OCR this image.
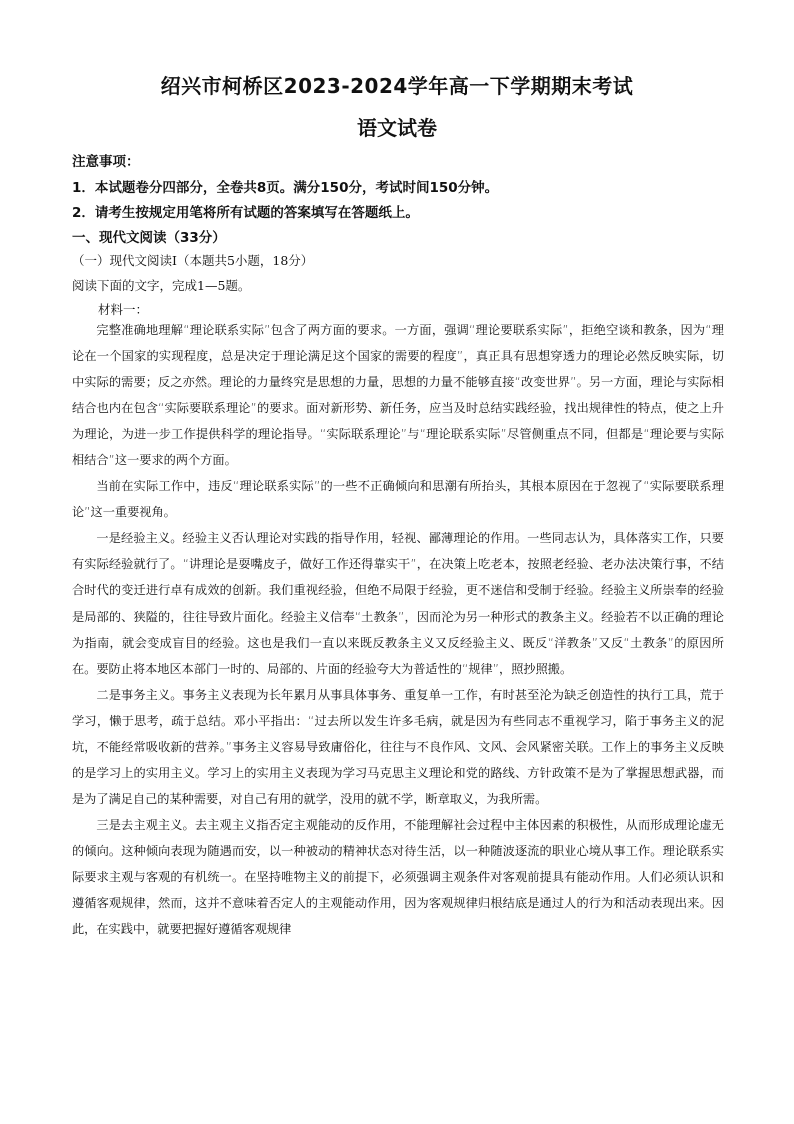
绍兴市柯桥区2023-2024学年高一下学期期末考试
语文试卷
注意事项：
1．本试题卷分四部分，全卷共8页。满分150分，考试时间150分钟。
2．请考生按规定用笔将所有试题的答案填写在答题纸上。
一、现代文阅读（33分）
（一）现代文阅读Ⅰ（本题共5小题，18分）
阅读下面的文字，完成1—5题。
材料一：

完整准确地理解“理论联系实际”包含了两方面的要求。一方面，强调“理论要联系实际”，拒绝空谈和教条，因为“理论在一个国家的实现程度，总是决定于理论满足这个国家的需要的程度”，真正具有思想穿透力的理论必然反映实际，切中实际的需要；反之亦然。理论的力量终究是思想的力量，思想的力量不能够直接“改变世界”。另一方面，理论与实际相结合也内在包含“实际要联系理论”的要求。面对新形势、新任务，应当及时总结实践经验，找出规律性的特点，使之上升为理论，为进一步工作提供科学的理论指导。“实际联系理论”与“理论联系实际”尽管侧重点不同，但都是“理论要与实际相结合”这一要求的两个方面。

当前在实际工作中，违反“理论联系实际”的一些不正确倾向和思潮有所抬头，其根本原因在于忽视了“实际要联系理论”这一重要视角。

一是经验主义。经验主义否认理论对实践的指导作用，轻视、鄙薄理论的作用。一些同志认为，具体落实工作，只要有实际经验就行了。“讲理论是耍嘴皮子，做好工作还得靠实干”，在决策上吃老本，按照老经验、老办法决策行事，不结合时代的变迁进行卓有成效的创新。我们重视经验，但绝不局限于经验，更不迷信和受制于经验。经验主义所崇奉的经验是局部的、狭隘的，往往导致片面化。经验主义信奉“土教条”，因而沦为另一种形式的教条主义。经验若不以正确的理论为指南，就会变成盲目的经验。这也是我们一直以来既反教条主义又反经验主义、既反“洋教条”又反“土教条”的原因所在。要防止将本地区本部门一时的、局部的、片面的经验夸大为普适性的“规律”，照抄照搬。

二是事务主义。事务主义表现为长年累月从事具体事务、重复单一工作，有时甚至沦为缺乏创造性的执行工具，荒于学习，懒于思考，疏于总结。邓小平指出：“过去所以发生许多毛病，就是因为有些同志不重视学习，陷于事务主义的泥坑，不能经常吸收新的营养。”事务主义容易导致庸俗化，往往与不良作风、文风、会风紧密关联。工作上的事务主义反映的是学习上的实用主义。学习上的实用主义表现为学习马克思主义理论和党的路线、方针政策不是为了掌握思想武器，而是为了满足自己的某种需要，对自己有用的就学，没用的就不学，断章取义，为我所需。

三是去主观主义。去主观主义指否定主观能动的反作用，不能理解社会过程中主体因素的积极性，从而形成理论虚无的倾向。这种倾向表现为随遇而安，以一种被动的精神状态对待生活，以一种随波逐流的职业心境从事工作。理论联系实际要求主观与客观的有机统一。在坚持唯物主义的前提下，必须强调主观条件对客观前提具有能动作用。人们必须认识和遵循客观规律，然而，这并不意味着否定人的主观能动作用，因为客观规律归根结底是通过人的行为和活动表现出来。因此，在实践中，就要把握好遵循客观规律
